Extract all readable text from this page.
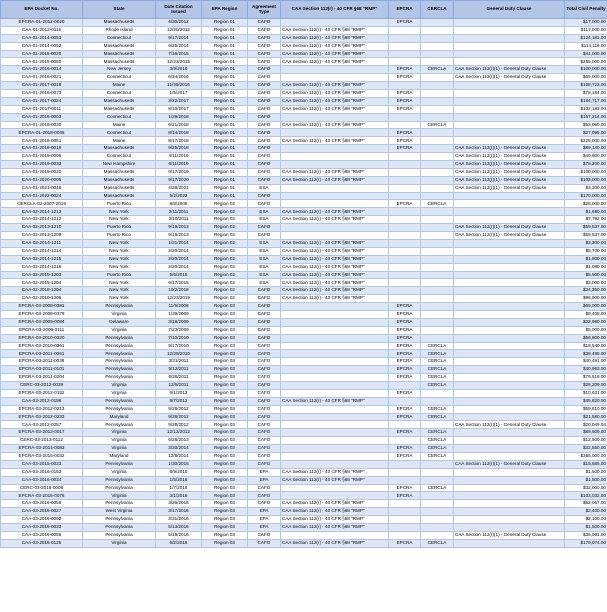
EPA Docket No.	State	Date Citation Issued	EPA Region	Agreement Type	CAA Section 112(r) - 40 CFR §68 "RMP"	EPCRA	CERCLA	General Duty Clause	Total Civil Penalty
EPCRA-01-2012-0020	Massachusetts	4/30/2012	Region 01	CAFO		EPCRA			$17,000.00
CAA-01-2012-0115	Rhode Island	12/20/2012	Region 01	CAFO	CAA Section 112(r) - 40 CFR §68 "RMP"				$117,000.00
CAA-01-2014-0051	Connecticut	9/17/2014	Region 01	CAFO	CAA Section 112(r) - 40 CFR §68 "RMP"				$124,181.00
CAA-01-2014-0052	Massachusetts	9/25/2014	Region 01	CAFO	CAA Section 112(r) - 40 CFR §68 "RMP"				$114,116.00
CAA-01-2015-0020	Massachusetts	7/16/2015	Region 01	CAFO	CAA Section 112(r) - 40 CFR §68 "RMP"				$41,000.00
CAA-01-2015-0060	Massachusetts	12/23/2015	Region 01	CAFO	CAA Section 112(r) - 40 CFR §68 "RMP"				$255,000.00
CAA-01-2016-0014	New Jersey	3/9/2016	Region 01	CAFO		EPCRA	CERCLA	CAA Section 112(r)(1) - General Duty Clause	$100,000.00
CAA-01-2016-0021	Connecticut	6/24/2016	Region 01	CAFO		EPCRA		CAA Section 112(r)(1) - General Duty Clause	$65,000.00
CAA-01-2017-0018	Maine	11/30/2016	Region 01	CAFO	CAA Section 112(r) - 40 CFR §68 "RMP"				$108,723.00
CAA-01-2016-0073	Connecticut	1/5/2017	Region 01	CAFO	CAA Section 112(r) - 40 CFR §68 "RMP"	EPCRA			$78,184.00
CAA-01-2017-0024	Massachusetts	3/22/2017	Region 01	CAFO	CAA Section 112(r) - 40 CFR §68 "RMP"	EPCRA			$184,717.00
CAA-01-2017-0011	Massachusetts	8/10/2017	Region 01	CAFO	CAA Section 112(r) - 40 CFR §68 "RMP"	EPCRA			$132,183.00
CAA-01-2018-0003	Connecticut	1/29/2018	Region 01	CAFO					$157,214.00
CAA-01-2018-0030	Maine	6/21/2018	Region 01	CAFO	CAA Section 112(r) - 40 CFR §68 "RMP"		CERCLA		$53,060.00
EPCRA-01-2018-0045	Connecticut	8/14/2018	Region 01	CAFO		EPCRA			$27,095.00
CAA-01-2018-0051	Maine	8/17/2018	Region 01	CAFO	CAA Section 112(r) - 40 CFR §68 "RMP"	EPCRA			$225,000.00
CAA-01-2018-0019	Massachusetts	9/25/2018	Region 01	CAFO		EPCRA		CAA Section 112(r)(1) - General Duty Clause	$89,140.00
CAA-01-2019-0005	Connecticut	4/11/2019	Region 01	CAFO				CAA Section 112(r)(1) - General Duty Clause	$40,600.00
CAA-01-2019-0033	New Hampshire	6/11/2019	Region 01	CAFO				CAA Section 112(r)(1) - General Duty Clause	$78,200.00
CAA-01-2019-0020	Massachusetts	9/17/2019	Region 01	CAFO	CAA Section 112(r) - 40 CFR §68 "RMP"			CAA Section 112(r)(1) - General Duty Clause	$100,000.00
CAA-01-2020-0005	Massachusetts	9/17/2020	Region 01	CAFO	CAA Section 112(r) - 40 CFR §68 "RMP"			CAA Section 112(r)(1) - General Duty Clause	$103,000.00
CAA-01-2021-0046	Massachusetts	4/28/2021	Region 01	ESA				CAA Section 112(r)(1) - General Duty Clause	$3,300.00
CAA-01-2022-0024	Massachusetts	5/2/2022	Region 01	CAFO					$170,000.00
CERCLA-02-2007-2019	Puerto Rico	8/8/2008	Region 02	CAFO		EPCRA	CERCLA		$26,000.00
CAA-02-2014-1213	New York	2/11/2011	Region 02	ESA	CAA Section 112(r) - 40 CFR §68 "RMP"				$1,680.00
CAA-02-2014-1212	New York	3/10/2011	Region 02	ESA	CAA Section 112(r) - 40 CFR §68 "RMP"				$7,792.00
CAA-02-2013-1210	Puerto Rico	9/19/2013	Region 02	CAFO				CAA Section 112(r)(1) - General Duty Clause	$55,537.00
CAA-02-2013-1209	Puerto Rico	9/19/2013	Region 02	CAFO				CAA Section 112(r)(1) - General Duty Clause	$55,537.00
CAA-02-2014-1211	New York	1/21/2014	Region 02	ESA	CAA Section 112(r) - 40 CFR §68 "RMP"				$3,300.00
CAA-02-2014-1214	New York	2/20/2014	Region 02	ESA	CAA Section 112(r) - 40 CFR §68 "RMP"				$5,700.00
CAA-02-2014-1215	New York	2/20/2014	Region 02	ESA	CAA Section 112(r) - 40 CFR §68 "RMP"				$1,800.00
CAA-02-2014-1216	New York	2/20/2014	Region 02	ESA	CAA Section 112(r) - 40 CFR §68 "RMP"				$1,080.00
CAA-02-2015-1203	Puerto Rico	5/6/2015	Region 02	ESA	CAA Section 112(r) - 40 CFR §68 "RMP"				$5,500.00
CAA-02-2015-1204	New York	6/17/2015	Region 02	ESA	CAA Section 112(r) - 40 CFR §68 "RMP"				$3,000.00
CAA-02-2018-1204	New York	10/2/2018	Region 02	CAFO	CAA Section 112(r) - 40 CFR §68 "RMP"				$34,350.00
CAA-02-2019-1205	New York	12/23/2019	Region 02	CAFO	CAA Section 112(r) - 40 CFR §68 "RMP"				$96,900.00
EPCRA-03-2008-0381	Pennsylvania	11/5/2008	Region 03	CAFO		EPCRA			$65,000.00
EPCRA-03-2008-0379	Virginia	1/29/2009	Region 03	CAFO		EPCRA			$9,408.00
EPCRA-03-2009-0084	Delaware	3/18/2009	Region 03	CAFO		EPCRA			$22,980.00
EPCRA-03-2009-0111	Virginia	7/23/2009	Region 03	CAFO		EPCRA			$5,000.00
EPCRA-03-2010-0320	Pennsylvania	7/10/2010	Region 03	CAFO		EPCRA			$56,800.00
EPCRA-03-2010-0361	Pennsylvania	9/17/2010	Region 03	CAFO		EPCRA	CERCLA		$18,540.00
EPCRA-03-2011-0061	Pennsylvania	12/29/2010	Region 03	CAFO		EPCRA	CERCLA		$38,495.00
EPCRA-03-2011-0038	Pennsylvania	3/31/2011	Region 03	CAFO		EPCRA	CERCLA		$40,491.00
EPCRA-03-2011-0101	Pennsylvania	5/12/2011	Region 03	CAFO		EPCRA	CERCLA		$40,963.00
EPCRA-03-2011-0204	Pennsylvania	6/28/2011	Region 03	CAFO		EPCRA	CERCLA		$76,518.00
CERC-03-2012-0029	Virginia	12/5/2011	Region 03	CAFO			CERCLA		$28,209.00
EPCRA-03-2012-0152	Virginia	6/1/2012	Region 03	CAFO		EPCRA			$10,631.00
CAA-03-2012-0198	Pennsylvania	8/7/2012	Region 03	CAFO	CAA Section 112(r) - 40 CFR §68 "RMP"				$45,820.00
EPCRA-03-2012-0213	Pennsylvania	9/26/2012	Region 03	CAFO		EPCRA	CERCLA		$59,810.00
EPCRA-03-2012-0233	Maryland	9/26/2012	Region 03	CAFO		EPCRA	CERCLA		$21,580.00
CAA-03-2012-0257	Pennsylvania	9/28/2012	Region 03	CAFO				CAA Section 112(r)(1) - General Duty Clause	$20,049.04
EPCRA-03-2013-0017	Virginia	12/13/2012	Region 03	CAFO		EPCRA	CERCLA		$89,609.00
CERC-03-2013-0112	Virginia	6/26/2013	Region 03	CAFO			CERCLA		$12,500.00
EPCRA-03-2014-0083	Virginia	3/20/2014	Region 03	CAFO		EPCRA	CERCLA		$32,550.00
EPCRA-03-2015-0032	Maryland	12/8/2014	Region 03	CAFO		EPCRA	CERCLA		$365,000.00
CAA-03-2015-0023	Pennsylvania	1/30/2015	Region 03	CAFO				CAA Section 112(r)(1) - General Duty Clause	$15,685.00
CAA-03-2016-0162	Virginia	8/9/2015	Region 03	EPA	CAA Section 112(r) - 40 CFR §68 "RMP"				$1,500.00
CAA-03-2016-0034	Pennsylvania	1/5/2016	Region 03	EPA	CAA Section 112(r) - 40 CFR §68 "RMP"				$1,500.00
CERC-03-2016-0008	Pennsylvania	1/7/2016	Region 03	CAFO		EPCRA	CERCLA		$32,000.00
EPCRA-03-2016-0076	Virginia	3/1/2016	Region 03	CAFO		EPCRA			$103,032.00
CAA-03-2016-0056	Pennsylvania	3/26/2016	Region 03	CAFO	CAA Section 112(r) - 40 CFR §68 "RMP"				$52,067.00
CAA-03-2016-0027	West Virginia	3/17/2016	Region 03	EPA	CAA Section 112(r) - 40 CFR §68 "RMP"				$2,400.00
CAA-03-2016-0092	Pennsylvania	3/31/2016	Region 03	EPA	CAA Section 112(r) - 40 CFR §68 "RMP"				$2,100.00
CAA-03-2016-0033	Pennsylvania	5/13/2016	Region 03	EPA	CAA Section 112(r) - 40 CFR §68 "RMP"				$1,500.00
CAA-03-2016-0056	Pennsylvania	5/19/2016	Region 03	CAFO				CAA Section 112(r)(1) - General Duty Clause	$35,991.00
CAA-03-2016-0125	Virginia	6/2/2016	Region 03	CAFO	CAA Section 112(r) - 40 CFR §68 "RMP"	EPCRA	CERCLA		$179,074.00
